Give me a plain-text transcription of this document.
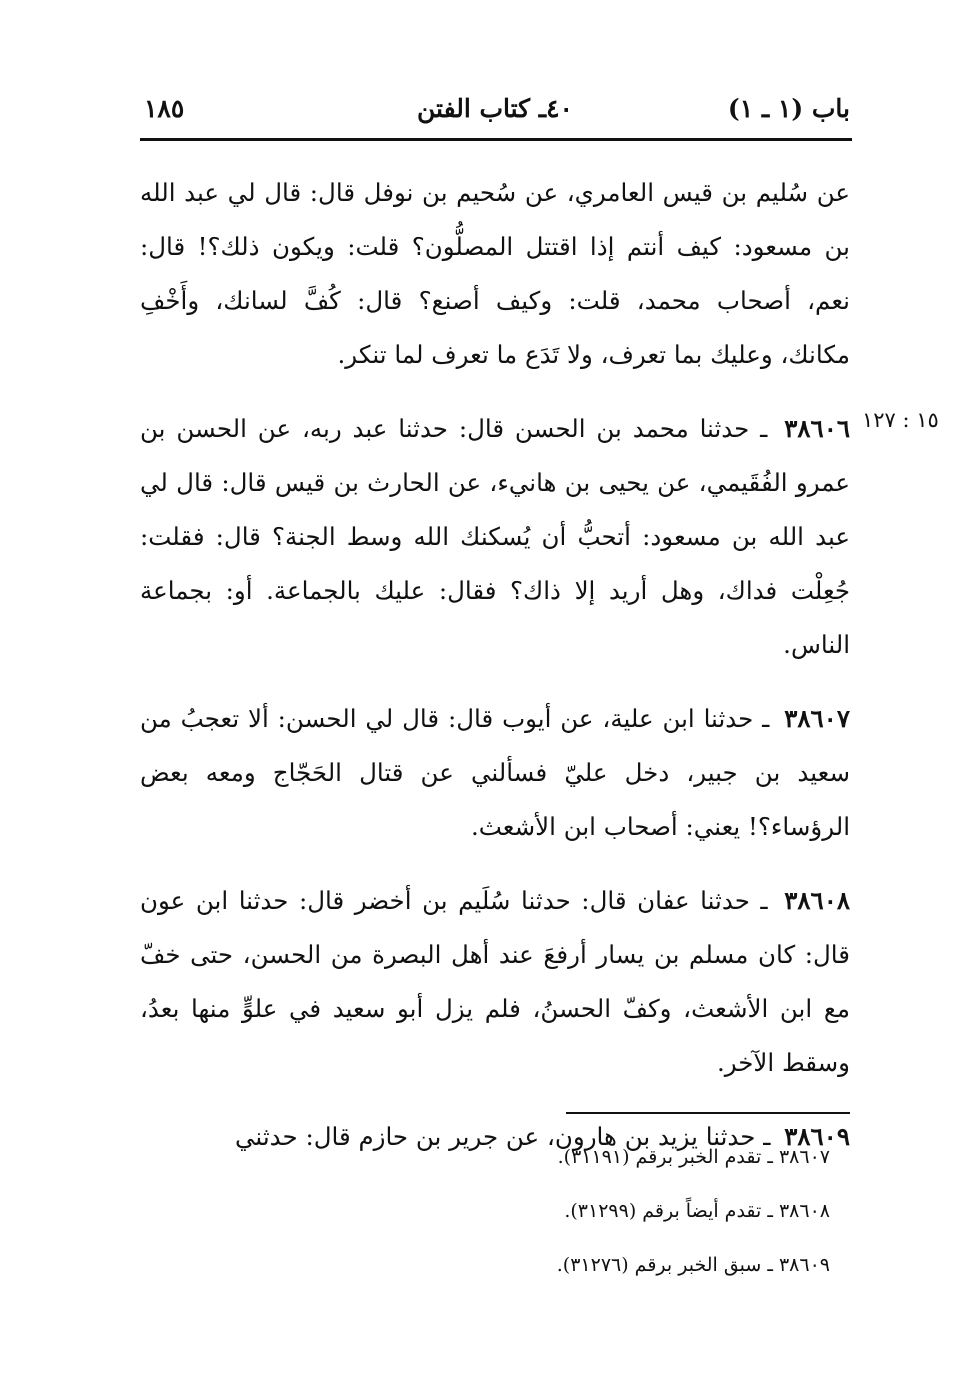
باب (١ ـ ١)
٤٠ـ كتاب الفتن
١٨٥
١٥ : ١٢٧

عن سُليم بن قيس العامري، عن سُحيم بن نوفل قال: قال لي عبد الله بن مسعود: كيف أنتم إذا اقتتل المصلُّون؟ قلت: ويكون ذلك؟! قال: نعم، أصحاب محمد، قلت: وكيف أصنع؟ قال: كُفَّ لسانك، وأَخْفِ مكانك، وعليك بما تعرف، ولا تَدَع ما تعرف لما تنكر.

٣٨٦٠٦ ـ حدثنا محمد بن الحسن قال: حدثنا عبد ربه، عن الحسن بن عمرو الفُقَيمي، عن يحيى بن هانيء، عن الحارث بن قيس قال: قال لي عبد الله بن مسعود: أتحبُّ أن يُسكنك الله وسط الجنة؟ قال: فقلت: جُعِلْت فداك، وهل أريد إلا ذاك؟ فقال: عليك بالجماعة. أو: بجماعة الناس.

٣٨٦٠٧ ـ حدثنا ابن علية، عن أيوب قال: قال لي الحسن: ألا تعجبُ من سعيد بن جبير، دخل عليّ فسألني عن قتال الحَجّاج ومعه بعض الرؤساء؟! يعني: أصحاب ابن الأشعث.

٣٨٦٠٨ ـ حدثنا عفان قال: حدثنا سُلَيم بن أخضر قال: حدثنا ابن عون قال: كان مسلم بن يسار أرفعَ عند أهل البصرة من الحسن، حتى خفّ مع ابن الأشعث، وكفّ الحسنُ، فلم يزل أبو سعيد في علوٍّ منها بعدُ، وسقط الآخر.

٣٨٦٠٩ ـ حدثنا يزيد بن هارون، عن جرير بن حازم قال: حدثني

٣٨٦٠٧ ـ تقدم الخبر برقم (٣١١٩١).
٣٨٦٠٨ ـ تقدم أيضاً برقم (٣١٢٩٩).
٣٨٦٠٩ ـ سبق الخبر برقم (٣١٢٧٦).
